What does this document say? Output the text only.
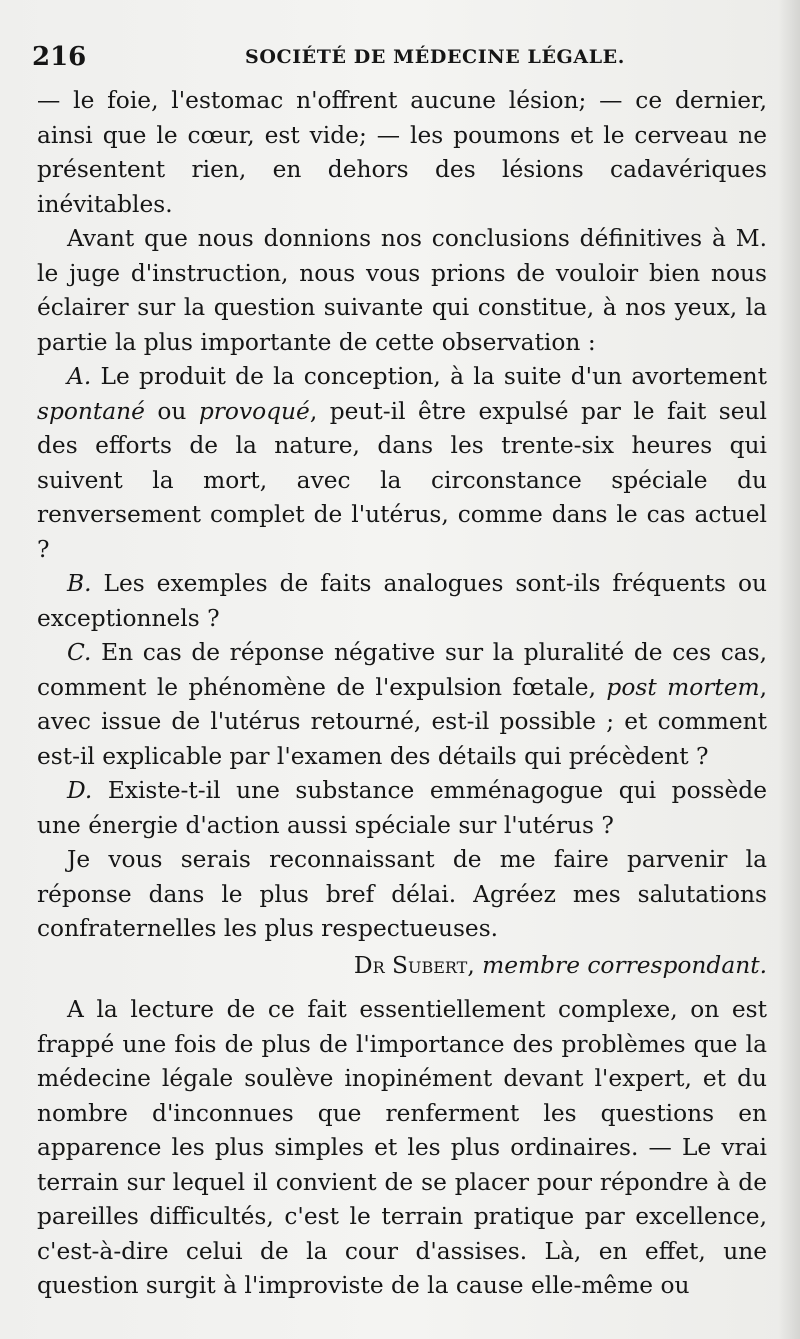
216	SOCIÉTÉ DE MÉDECINE LÉGALE.

— le foie, l'estomac n'offrent aucune lésion; — ce dernier, ainsi que le cœur, est vide; — les poumons et le cerveau ne présentent rien, en dehors des lésions cadavériques inévitables.

Avant que nous donnions nos conclusions définitives à M. le juge d'instruction, nous vous prions de vouloir bien nous éclairer sur la question suivante qui constitue, à nos yeux, la partie la plus importante de cette observation :

A. Le produit de la conception, à la suite d'un avortement spontané ou provoqué, peut-il être expulsé par le fait seul des efforts de la nature, dans les trente-six heures qui suivent la mort, avec la circonstance spéciale du renversement complet de l'utérus, comme dans le cas actuel ?

B. Les exemples de faits analogues sont-ils fréquents ou exceptionnels ?

C. En cas de réponse négative sur la pluralité de ces cas, comment le phénomène de l'expulsion fœtale, post mortem, avec issue de l'utérus retourné, est-il possible ; et comment est-il explicable par l'examen des détails qui précèdent ?

D. Existe-t-il une substance emménagogue qui possède une énergie d'action aussi spéciale sur l'utérus ?

Je vous serais reconnaissant de me faire parvenir la réponse dans le plus bref délai. Agréez mes salutations confraternelles les plus respectueuses.

Dr Subert, membre correspondant.

A la lecture de ce fait essentiellement complexe, on est frappé une fois de plus de l'importance des problèmes que la médecine légale soulève inopinément devant l'expert, et du nombre d'inconnues que renferment les questions en apparence les plus simples et les plus ordinaires. — Le vrai terrain sur lequel il convient de se placer pour répondre à de pareilles difficultés, c'est le terrain pratique par excellence, c'est-à-dire celui de la cour d'assises. Là, en effet, une question surgit à l'improviste de la cause elle-même ou
